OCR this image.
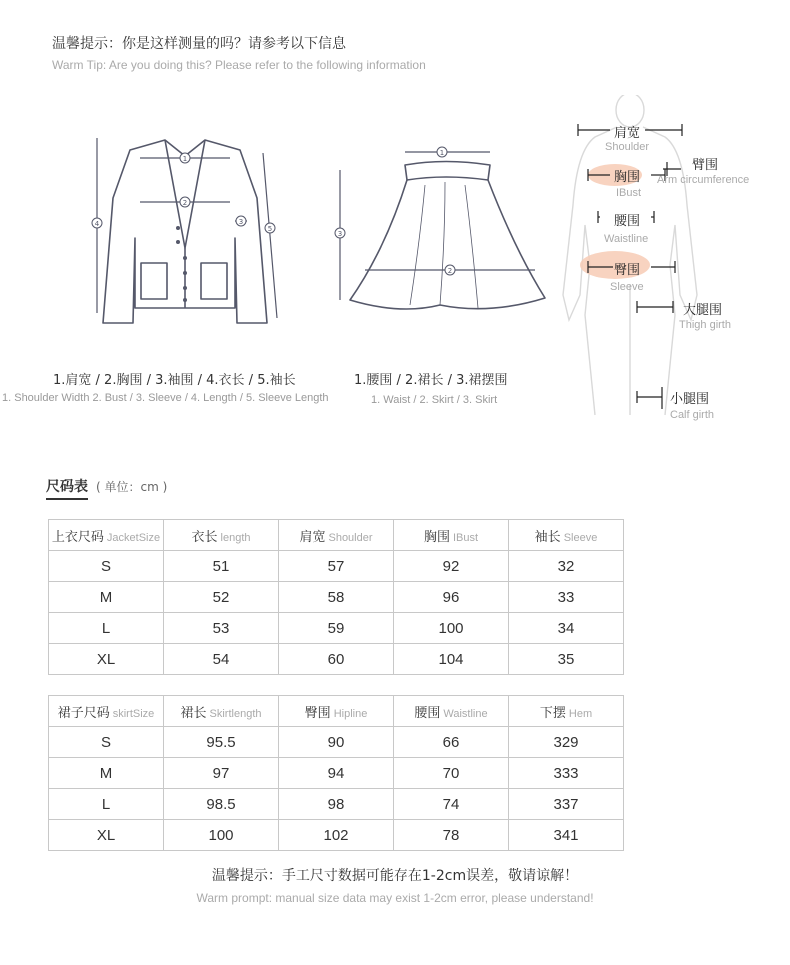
温馨提示：你是这样测量的吗？请参考以下信息
Warm Tip: Are you doing this? Please refer to the following information
1
2
3
4
5
1
2
3
肩宽
Shoulder
臂围
Arm circumference
胸围
IBust
腰围
Waistline
臀围
Sleeve
大腿围
Thigh girth
小腿围
Calf girth
1.肩宽 / 2.胸围 / 3.袖围 / 4.衣长 / 5.袖长
1. Shoulder Width 2. Bust / 3. Sleeve / 4. Length / 5. Sleeve Length
1.腰围 / 2.裙长 / 3.裙摆围
1. Waist / 2. Skirt / 3. Skirt
尺码表 ( 单位：cm )
上衣尺码 JacketSize	衣长 length	肩宽 Shoulder	胸围 IBust	袖长 Sleeve
S	51	57	92	32
M	52	58	96	33
L	53	59	100	34
XL	54	60	104	35
裙子尺码 skirtSize	裙长 Skirtlength	臀围 Hipline	腰围 Waistline	下摆 Hem
S	95.5	90	66	329
M	97	94	70	333
L	98.5	98	74	337
XL	100	102	78	341
温馨提示：手工尺寸数据可能存在1-2cm误差，敬请谅解！
Warm prompt: manual size data may exist 1-2cm error, please understand!
